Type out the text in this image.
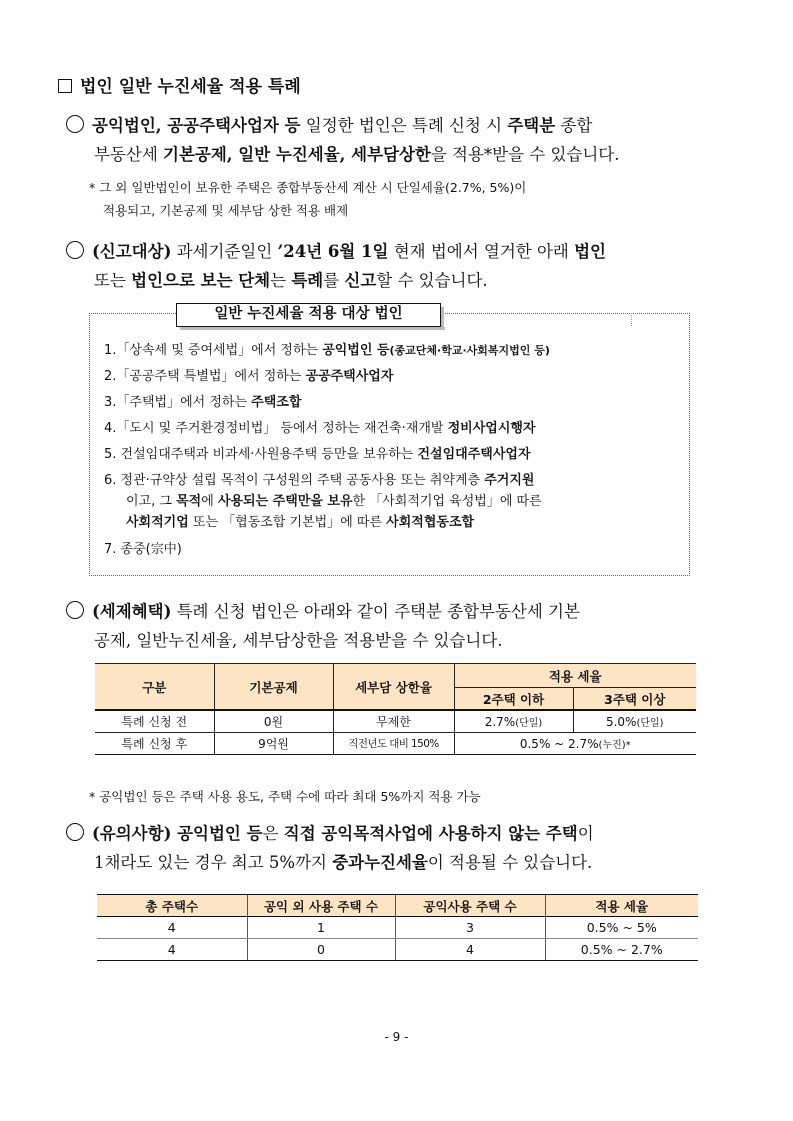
법인 일반 누진세율 적용 특례
공익법인, 공공주택사업자 등 일정한 법인은 특례 신청 시 주택분 종합
부동산세 기본공제, 일반 누진세율, 세부담상한을 적용*받을 수 있습니다.
* 그 외 일반법인이 보유한 주택은 종합부동산세 계산 시 단일세율(2.7%, 5%)이
적용되고, 기본공제 및 세부담 상한 적용 배제
(신고대상) 과세기준일인 ’24년 6월 1일 현재 법에서 열거한 아래 법인
또는 법인으로 보는 단체는 특례를 신고할 수 있습니다.
일반 누진세율 적용 대상 법인
1.「상속세 및 증여세법」에서 정하는 공익법인 등(종교단체·학교·사회복지법인 등)
2.「공공주택 특별법」에서 정하는 공공주택사업자
3.「주택법」에서 정하는 주택조합
4.「도시 및 주거환경정비법」 등에서 정하는 재건축·재개발 정비사업시행자
5. 건설임대주택과 비과세·사원용주택 등만을 보유하는 건설임대주택사업자
6. 정관·규약상 설립 목적이 구성원의 주택 공동사용 또는 취약계층 주거지원
이고, 그 목적에 사용되는 주택만을 보유한 「사회적기업 육성법」에 따른
사회적기업 또는 「협동조합 기본법」에 따른 사회적협동조합
7. 종중(宗中)
(세제혜택) 특례 신청 법인은 아래와 같이 주택분 종합부동산세 기본
공제, 일반누진세율, 세부담상한을 적용받을 수 있습니다.
구분	기본공제	세부담 상한율	적용 세율	
			2주택 이하	3주택 이상
특례 신청 전	0원	무제한	2.7%(단일)	5.0%(단일)
특례 신청 후	9억원	직전년도 대비 150%	0.5% ~ 2.7%(누진)*	
* 공익법인 등은 주택 사용 용도, 주택 수에 따라 최대 5%까지 적용 가능
(유의사항) 공익법인 등은 직접 공익목적사업에 사용하지 않는 주택이
1채라도 있는 경우 최고 5%까지 중과누진세율이 적용될 수 있습니다.
총 주택수	공익 외 사용 주택 수	공익사용 주택 수	적용 세율
4	1	3	0.5% ~ 5%
4	0	4	0.5% ~ 2.7%
- 9 -
